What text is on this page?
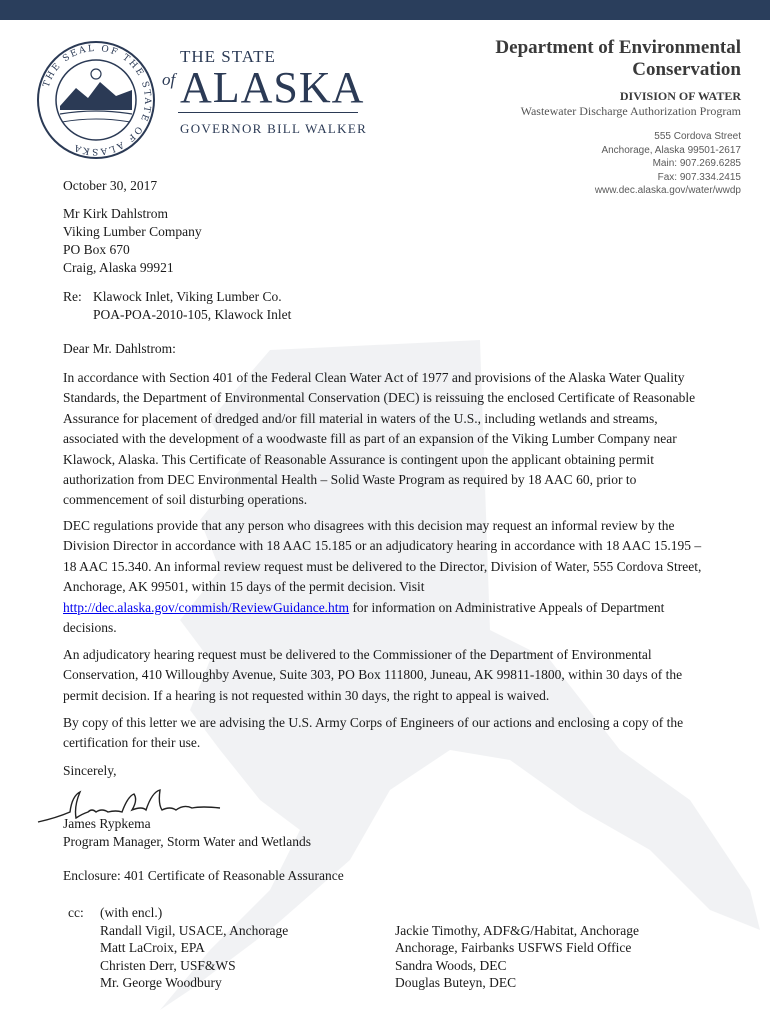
THE SEAL OF THE STATE OF ALASKA
THE STATE
of ALASKA
GOVERNOR BILL WALKER
Department of Environmental
Conservation
DIVISION OF WATER
Wastewater Discharge Authorization Program
555 Cordova Street
Anchorage, Alaska 99501-2617
Main: 907.269.6285
Fax: 907.334.2415
www.dec.alaska.gov/water/wwdp
October 30, 2017
Mr Kirk Dahlstrom
Viking Lumber Company
PO Box 670
Craig, Alaska 99921
Re: Klawock Inlet, Viking Lumber Co.
POA-POA-2010-105, Klawock Inlet
Dear Mr. Dahlstrom:
In accordance with Section 401 of the Federal Clean Water Act of 1977 and provisions of the Alaska Water Quality Standards, the Department of Environmental Conservation (DEC) is reissuing the enclosed Certificate of Reasonable Assurance for placement of dredged and/or fill material in waters of the U.S., including wetlands and streams, associated with the development of a woodwaste fill as part of an expansion of the Viking Lumber Company near Klawock, Alaska. This Certificate of Reasonable Assurance is contingent upon the applicant obtaining permit authorization from DEC Environmental Health – Solid Waste Program as required by 18 AAC 60, prior to commencement of soil disturbing operations.
DEC regulations provide that any person who disagrees with this decision may request an informal review by the Division Director in accordance with 18 AAC 15.185 or an adjudicatory hearing in accordance with 18 AAC 15.195 – 18 AAC 15.340. An informal review request must be delivered to the Director, Division of Water, 555 Cordova Street, Anchorage, AK 99501, within 15 days of the permit decision. Visit http://dec.alaska.gov/commish/ReviewGuidance.htm for information on Administrative Appeals of Department decisions.
An adjudicatory hearing request must be delivered to the Commissioner of the Department of Environmental Conservation, 410 Willoughby Avenue, Suite 303, PO Box 111800, Juneau, AK 99811-1800, within 30 days of the permit decision. If a hearing is not requested within 30 days, the right to appeal is waived.
By copy of this letter we are advising the U.S. Army Corps of Engineers of our actions and enclosing a copy of the certification for their use.
Sincerely,
James Rypkema
Program Manager, Storm Water and Wetlands
Enclosure: 401 Certificate of Reasonable Assurance
cc: (with encl.)
Randall Vigil, USACE, Anchorage
Matt LaCroix, EPA
Christen Derr, USF&WS
Mr. George Woodbury
Jackie Timothy, ADF&G/Habitat, Anchorage
Anchorage, Fairbanks USFWS Field Office
Sandra Woods, DEC
Douglas Buteyn, DEC
